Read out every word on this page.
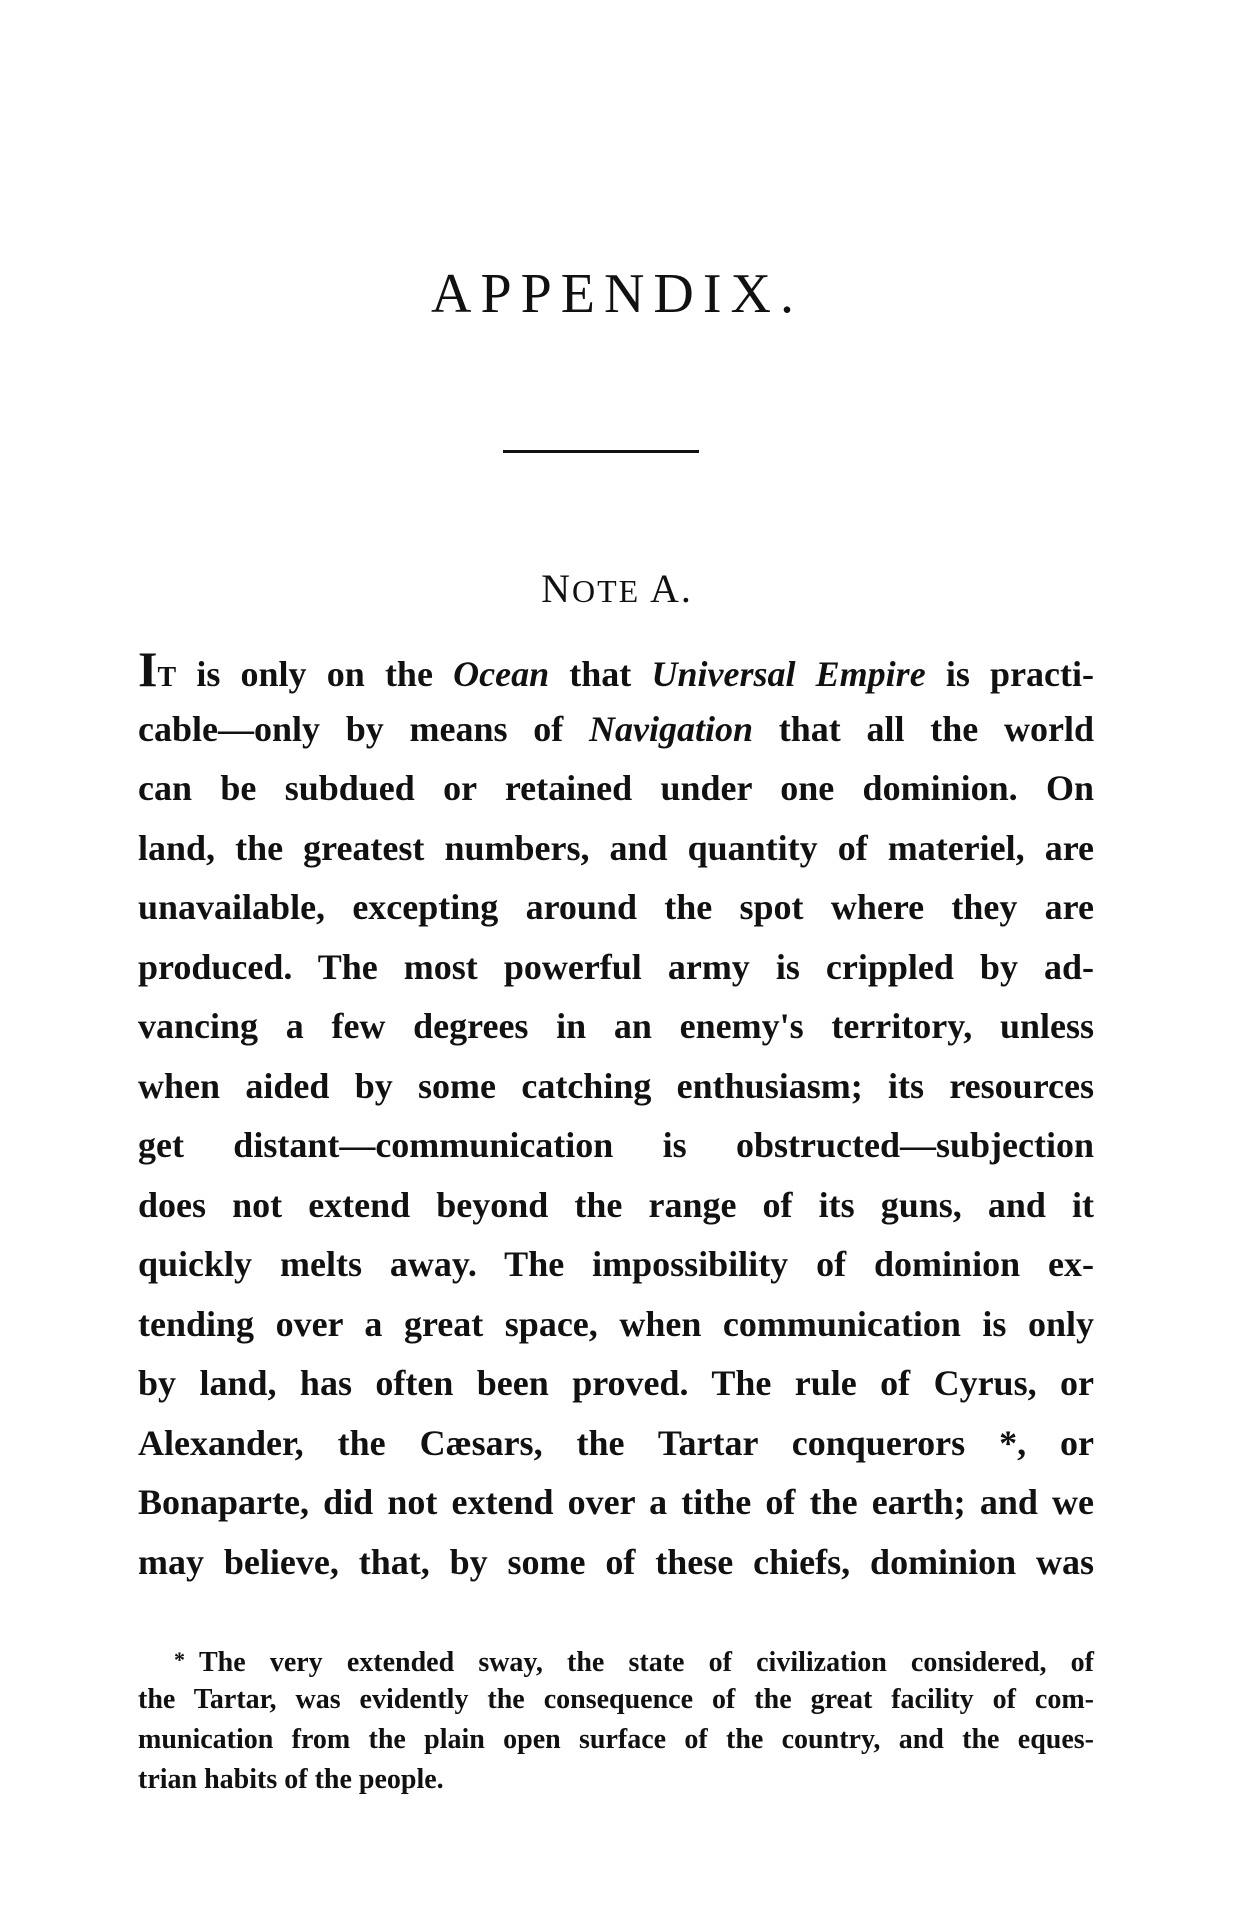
APPENDIX.
NOTE A.
IT is only on the Ocean that Universal Empire is practi-
cable—only by means of Navigation that all the world
can be subdued or retained under one dominion. On
land, the greatest numbers, and quantity of materiel, are
unavailable, excepting around the spot where they are
produced. The most powerful army is crippled by ad-
vancing a few degrees in an enemy's territory, unless
when aided by some catching enthusiasm; its resources
get distant—communication is obstructed—subjection
does not extend beyond the range of its guns, and it
quickly melts away. The impossibility of dominion ex-
tending over a great space, when communication is only
by land, has often been proved. The rule of Cyrus, or
Alexander, the Cæsars, the Tartar conquerors *, or
Bonaparte, did not extend over a tithe of the earth; and we
may believe, that, by some of these chiefs, dominion was
* The very extended sway, the state of civilization considered, of
the Tartar, was evidently the consequence of the great facility of com-
munication from the plain open surface of the country, and the eques-
trian habits of the people.
